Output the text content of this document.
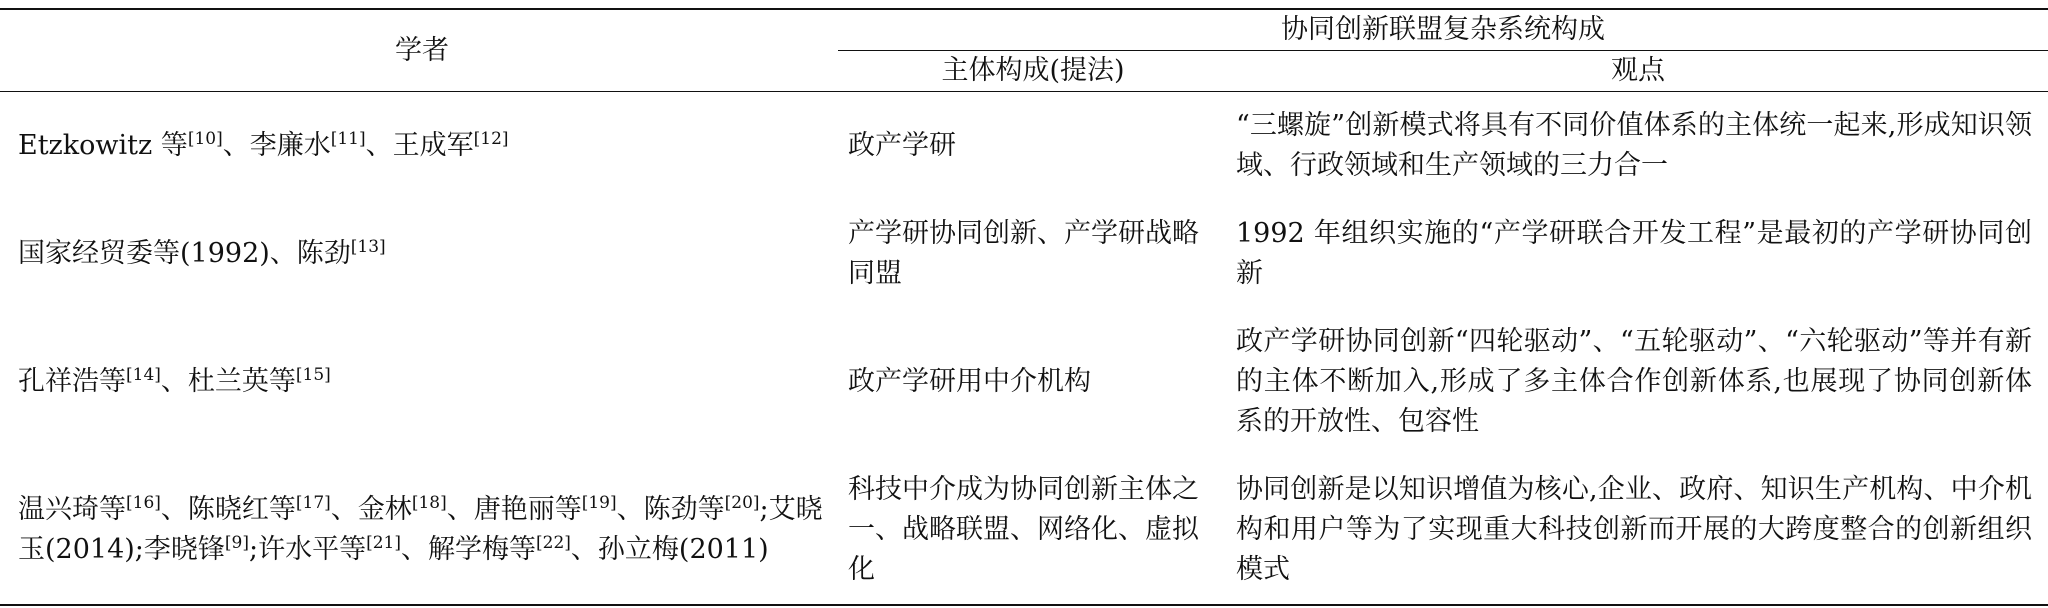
学者	协同创新联盟复杂系统构成	
	主体构成(提法)	观点
Etzkowitz 等[10]、李廉水[11]、王成军[12]	政产学研	“三螺旋”创新模式将具有不同价值体系的主体统一起来,形成知识领域、行政领域和生产领域的三力合一
国家经贸委等(1992)、陈劲[13]	产学研协同创新、产学研战略同盟	1992 年组织实施的“产学研联合开发工程”是最初的产学研协同创新
孔祥浩等[14]、杜兰英等[15]	政产学研用中介机构	政产学研协同创新“四轮驱动”、“五轮驱动”、“六轮驱动”等并有新的主体不断加入,形成了多主体合作创新体系,也展现了协同创新体系的开放性、包容性
温兴琦等[16]、陈晓红等[17]、金林[18]、唐艳丽等[19]、陈劲等[20];艾晓玉(2014);李晓锋[9];许水平等[21]、解学梅等[22]、孙立梅(2011)	科技中介成为协同创新主体之一、战略联盟、网络化、虚拟化	协同创新是以知识增值为核心,企业、政府、知识生产机构、中介机构和用户等为了实现重大科技创新而开展的大跨度整合的创新组织模式
